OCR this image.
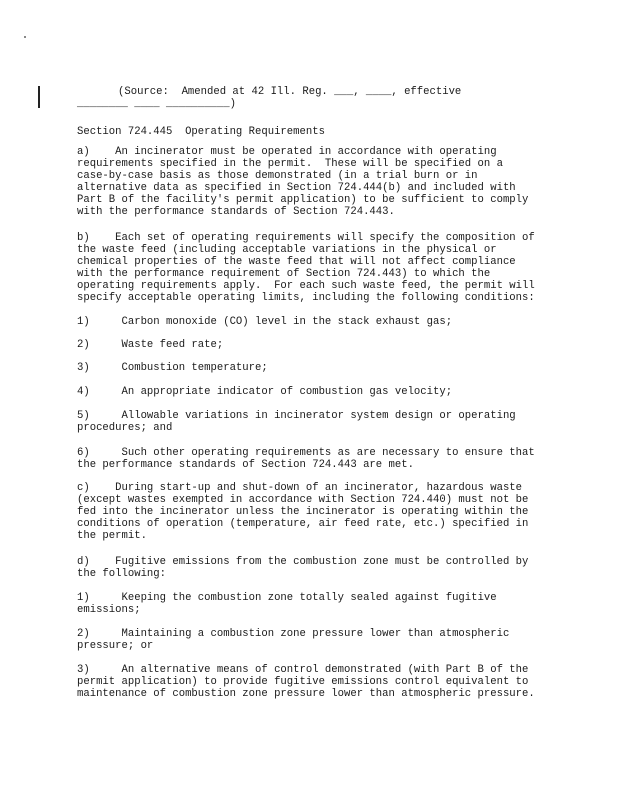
(Source:  Amended at 42 Ill. Reg. ___, ____, effective
________ ____ __________)
Section 724.445  Operating Requirements
a)    An incinerator must be operated in accordance with operating
requirements specified in the permit.  These will be specified on a
case-by-case basis as those demonstrated (in a trial burn or in
alternative data as specified in Section 724.444(b) and included with
Part B of the facility's permit application) to be sufficient to comply
with the performance standards of Section 724.443.
b)    Each set of operating requirements will specify the composition of
the waste feed (including acceptable variations in the physical or
chemical properties of the waste feed that will not affect compliance
with the performance requirement of Section 724.443) to which the
operating requirements apply.  For each such waste feed, the permit will
specify acceptable operating limits, including the following conditions:
1)     Carbon monoxide (CO) level in the stack exhaust gas;
2)     Waste feed rate;
3)     Combustion temperature;
4)     An appropriate indicator of combustion gas velocity;
5)     Allowable variations in incinerator system design or operating
procedures; and
6)     Such other operating requirements as are necessary to ensure that
the performance standards of Section 724.443 are met.
c)    During start-up and shut-down of an incinerator, hazardous waste
(except wastes exempted in accordance with Section 724.440) must not be
fed into the incinerator unless the incinerator is operating within the
conditions of operation (temperature, air feed rate, etc.) specified in
the permit.
d)    Fugitive emissions from the combustion zone must be controlled by
the following:
1)     Keeping the combustion zone totally sealed against fugitive
emissions;
2)     Maintaining a combustion zone pressure lower than atmospheric
pressure; or
3)     An alternative means of control demonstrated (with Part B of the
permit application) to provide fugitive emissions control equivalent to
maintenance of combustion zone pressure lower than atmospheric pressure.
